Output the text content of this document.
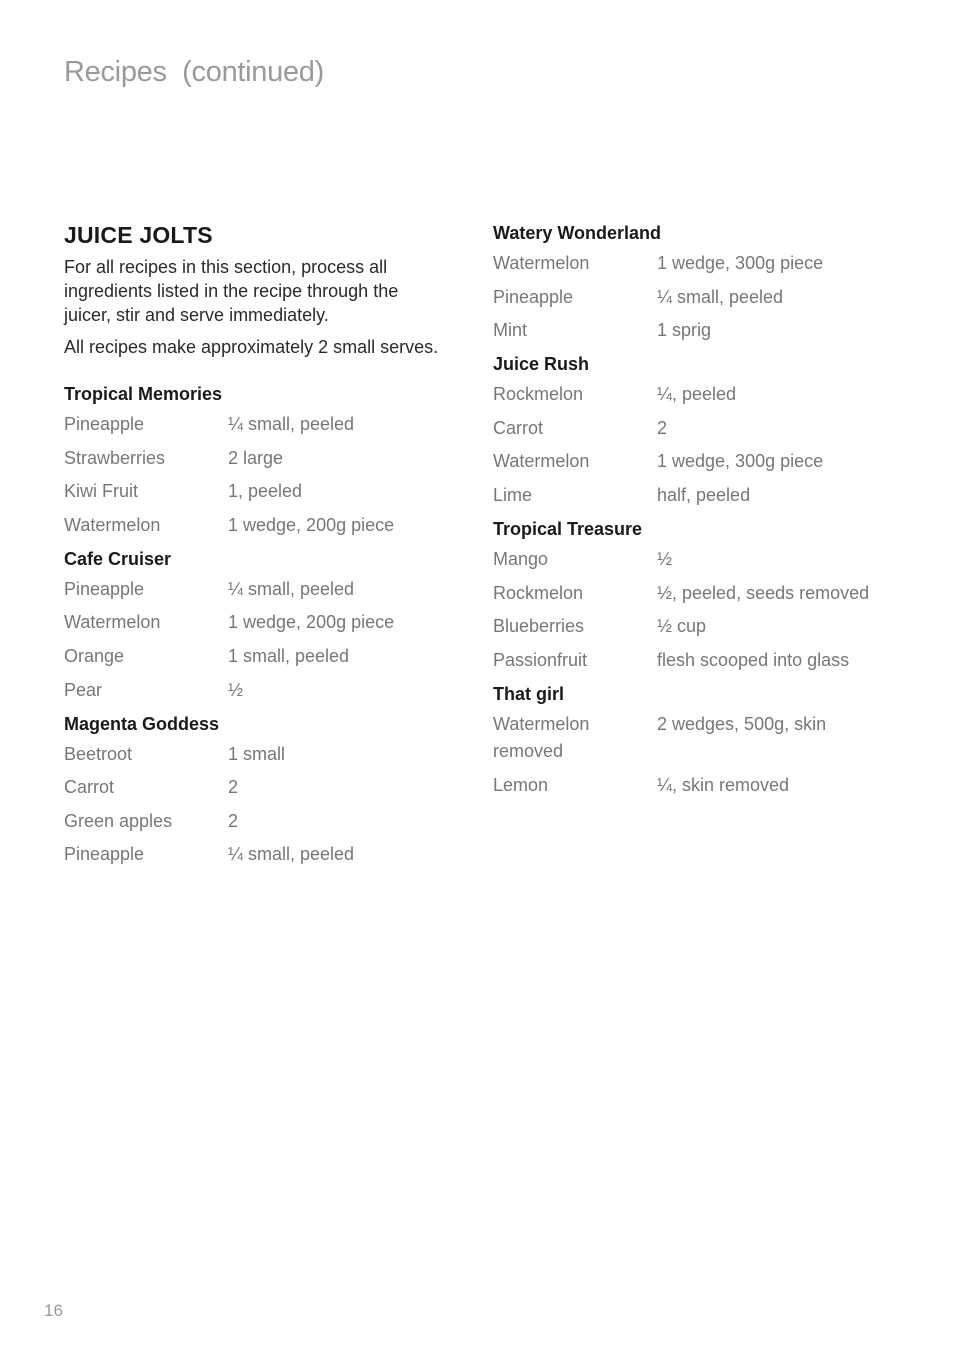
Recipes  (continued)
JUICE JOLTS

For all recipes in this section, process all ingredients listed in the recipe through the juicer, stir and serve immediately.

All recipes make approximately 2 small serves.

Tropical Memories
Pineapple	¼ small, peeled
Strawberries	2 large
Kiwi Fruit	1, peeled
Watermelon	1 wedge, 200g piece
Cafe Cruiser
Pineapple	¼ small, peeled
Watermelon	1 wedge, 200g piece
Orange	1 small, peeled
Pear	½
Magenta Goddess
Beetroot	1 small
Carrot	2
Green apples	2
Pineapple	¼ small, peeled
Watery Wonderland
Watermelon	1 wedge, 300g piece
Pineapple	¼ small, peeled
Mint	1 sprig
Juice Rush
Rockmelon	¼, peeled
Carrot	2
Watermelon	1 wedge, 300g piece
Lime	half, peeled
Tropical Treasure
Mango	½
Rockmelon	½, peeled, seeds removed
Blueberries	½ cup
Passionfruit	flesh scooped into glass
That girl
Watermelon	2 wedges, 500g, skin
removed
Lemon	¼, skin removed
16
